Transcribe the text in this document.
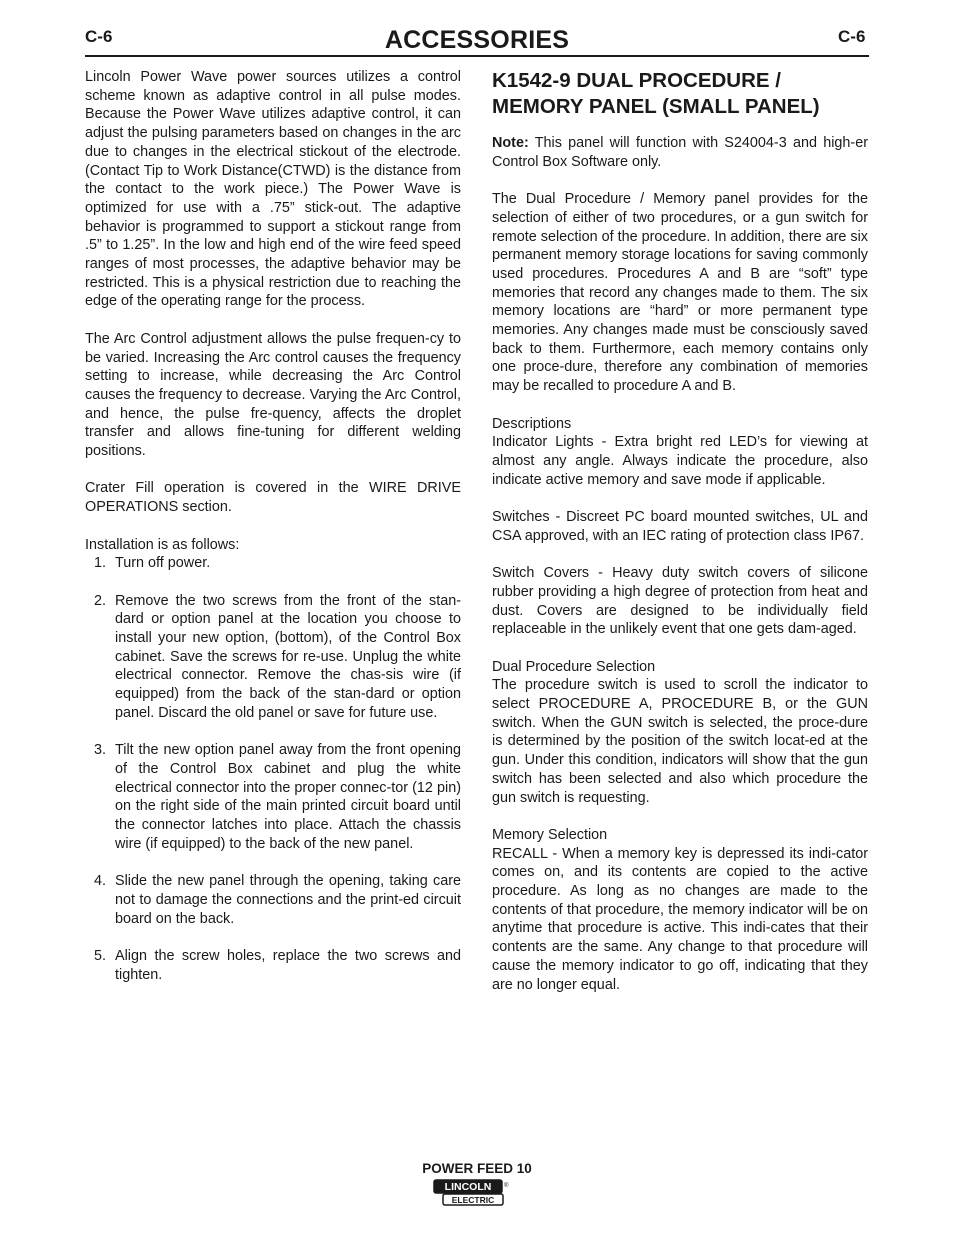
C-6	ACCESSORIES	C-6

Lincoln Power Wave power sources utilizes a control scheme known as adaptive control in all pulse modes. Because the Power Wave utilizes adaptive control, it can adjust the pulsing parameters based on changes in the arc due to changes in the electrical stickout of the electrode. (Contact Tip to Work Distance(CTWD) is the distance from the contact to the work piece.) The Power Wave is optimized for use with a .75” stick-out. The adaptive behavior is programmed to support a stickout range from .5” to 1.25”. In the low and high end of the wire feed speed ranges of most processes, the adaptive behavior may be restricted. This is a physical restriction due to reaching the edge of the operating range for the process.

The Arc Control adjustment allows the pulse frequen-cy to be varied. Increasing the Arc control causes the frequency setting to increase, while decreasing the Arc Control causes the frequency to decrease. Varying the Arc Control, and hence, the pulse fre-quency, affects the droplet transfer and allows fine-tuning for different welding positions.

Crater Fill operation is covered in the WIRE DRIVE OPERATIONS section.

Installation is as follows:

1. Turn off power.
2. Remove the two screws from the front of the stan-dard or option panel at the location you choose to install your new option, (bottom), of the Control Box cabinet. Save the screws for re-use. Unplug the white electrical connector. Remove the chas-sis wire (if equipped) from the back of the stan-dard or option panel. Discard the old panel or save for future use.
3. Tilt the new option panel away from the front opening of the Control Box cabinet and plug the white electrical connector into the proper connec-tor (12 pin) on the right side of the main printed circuit board until the connector latches into place. Attach the chassis wire (if equipped) to the back of the new panel.
4. Slide the new panel through the opening, taking care not to damage the connections and the print-ed circuit board on the back.
5. Align the screw holes, replace the two screws and tighten.
K1542-9 DUAL PROCEDURE /
MEMORY PANEL (SMALL PANEL)

Note: This panel will function with S24004-3 and high-er Control Box Software only.

The Dual Procedure / Memory panel provides for the selection of either of two procedures, or a gun switch for remote selection of the procedure. In addition, there are six permanent memory storage locations for saving commonly used procedures. Procedures A and B are “soft” type memories that record any changes made to them. The six memory locations are “hard” or more permanent type memories. Any changes made must be consciously saved back to them. Furthermore, each memory contains only one proce-dure, therefore any combination of memories may be recalled to procedure A and B.

Descriptions

Indicator Lights - Extra bright red LED’s for viewing at almost any angle. Always indicate the procedure, also indicate active memory and save mode if applicable.

Switches - Discreet PC board mounted switches, UL and CSA approved, with an IEC rating of protection class IP67.

Switch Covers - Heavy duty switch covers of silicone rubber providing a high degree of protection from heat and dust. Covers are designed to be individually field replaceable in the unlikely event that one gets dam-aged.

Dual Procedure Selection

The procedure switch is used to scroll the indicator to select PROCEDURE A, PROCEDURE B, or the GUN switch. When the GUN switch is selected, the proce-dure is determined by the position of the switch locat-ed at the gun. Under this condition, indicators will show that the gun switch has been selected and also which procedure the gun switch is requesting.

Memory Selection

RECALL - When a memory key is depressed its indi-cator comes on, and its contents are copied to the active procedure. As long as no changes are made to the contents of that procedure, the memory indicator will be on anytime that procedure is active. This indi-cates that their contents are the same. Any change to that procedure will cause the memory indicator to go off, indicating that they are no longer equal.

POWER FEED 10
LINCOLN
ELECTRIC
®
